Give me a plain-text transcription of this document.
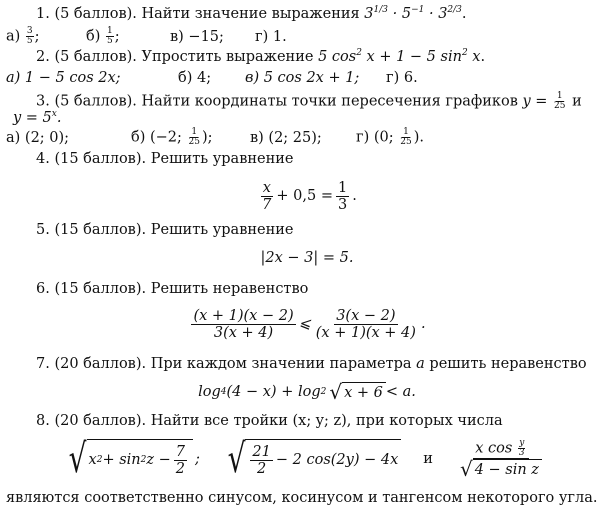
1. (5 баллов). Найти значение выражения $3^{1/3} \cdot 5^{-1} \cdot 3^{2/3}$.
$а) \frac{3}{5}$ ;	$б) \frac{1}{5}$ ;	в) −15; г) 1.
2. (5 баллов). Упростить выражение 5 $\cos^2 x + 1 - 5$ $\sin^2 x$.
а) 1 − 5 cos 2x;	б) 4; в) 5 cos 2x + 1; г) 6.
3. (5 баллов). Найти координаты точки пересечения графиков $y = \frac{1}{25}$ и
$y = 5^x$.
а) (2; 0);	б) (−2; $\frac{1}{25}$ );	в) (2; 25); г) (0; $\frac{1}{25}$ ).
4. (15 баллов). Решить уравнение
$\frac{x}{7} + 0,5 = \frac{1}{3}$ .
5. (15 баллов). Решить уравнение
|2x − 3| = 5.
6. (15 баллов). Решить неравенство
$\frac{(x + 1)(x - 2)}{3(x + 4)}$ ⩽ $\frac{3(x - 2)}{(x + 1)(x + 4)}$ .
7. (20 баллов). При каждом значении параметра a решить неравенство
log 4 (4 − x) + log 2 √ x + 6 < a.
8. (20 баллов). Найти все тройки (x; y; z), при которых числа
√ x 2 + sin 2 $z - \frac{7}{2}$ ; √ $\frac{21}{2} - 2$ cos(2y) − 4x и $\frac{x \cos \frac{y}{3}}{\text{√ 4 − sin z}}$
являются соответственно синусом, косинусом и тангенсом некоторого угла.
